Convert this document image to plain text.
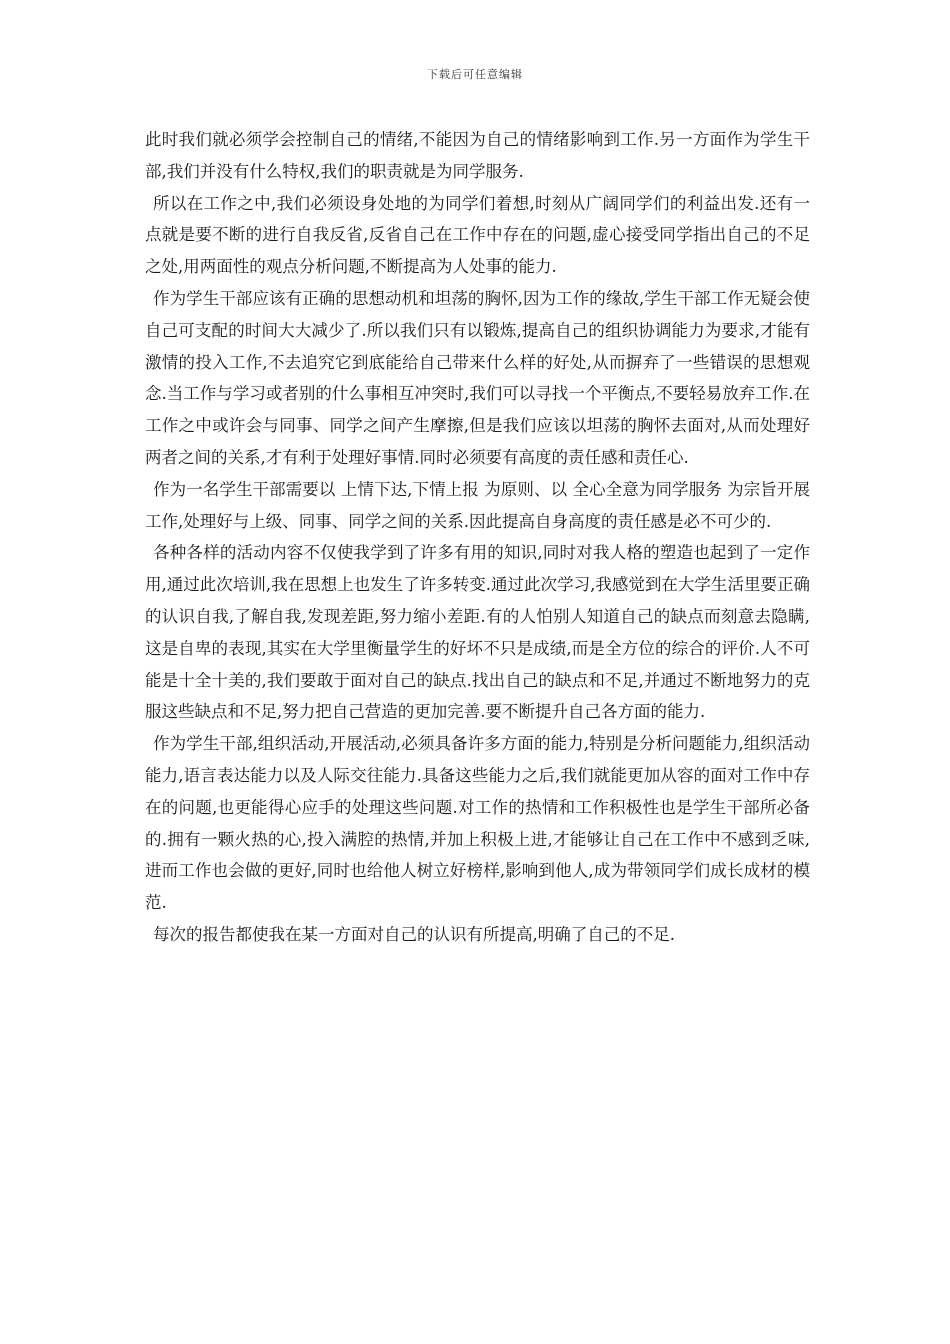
下载后可任意编辑

此时我们就必须学会控制自己的情绪,不能因为自己的情绪影响到工作.另一方面作为学生干部,我们并没有什么特权,我们的职责就是为同学服务.

所以在工作之中,我们必须设身处地的为同学们着想,时刻从广阔同学们的利益出发.还有一点就是要不断的进行自我反省,反省自己在工作中存在的问题,虚心接受同学指出自己的不足之处,用两面性的观点分析问题,不断提高为人处事的能力.

作为学生干部应该有正确的思想动机和坦荡的胸怀,因为工作的缘故,学生干部工作无疑会使自己可支配的时间大大减少了.所以我们只有以锻炼,提高自己的组织协调能力为要求,才能有激情的投入工作,不去追究它到底能给自己带来什么样的好处,从而摒弃了一些错误的思想观念.当工作与学习或者别的什么事相互冲突时,我们可以寻找一个平衡点,不要轻易放弃工作.在工作之中或许会与同事、同学之间产生摩擦,但是我们应该以坦荡的胸怀去面对,从而处理好两者之间的关系,才有利于处理好事情.同时必须要有高度的责任感和责任心.

作为一名学生干部需要以 上情下达,下情上报 为原则、以 全心全意为同学服务 为宗旨开展工作,处理好与上级、同事、同学之间的关系.因此提高自身高度的责任感是必不可少的.

各种各样的活动内容不仅使我学到了许多有用的知识,同时对我人格的塑造也起到了一定作用,通过此次培训,我在思想上也发生了许多转变.通过此次学习,我感觉到在大学生活里要正确的认识自我,了解自我,发现差距,努力缩小差距.有的人怕别人知道自己的缺点而刻意去隐瞒,这是自卑的表现,其实在大学里衡量学生的好坏不只是成绩,而是全方位的综合的评价.人不可能是十全十美的,我们要敢于面对自己的缺点.找出自己的缺点和不足,并通过不断地努力的克服这些缺点和不足,努力把自己营造的更加完善.要不断提升自己各方面的能力.

作为学生干部,组织活动,开展活动,必须具备许多方面的能力,特别是分析问题能力,组织活动能力,语言表达能力以及人际交往能力.具备这些能力之后,我们就能更加从容的面对工作中存在的问题,也更能得心应手的处理这些问题.对工作的热情和工作积极性也是学生干部所必备的.拥有一颗火热的心,投入满腔的热情,并加上积极上进,才能够让自己在工作中不感到乏味,进而工作也会做的更好,同时也给他人树立好榜样,影响到他人,成为带领同学们成长成材的模范.

每次的报告都使我在某一方面对自己的认识有所提高,明确了自己的不足.
